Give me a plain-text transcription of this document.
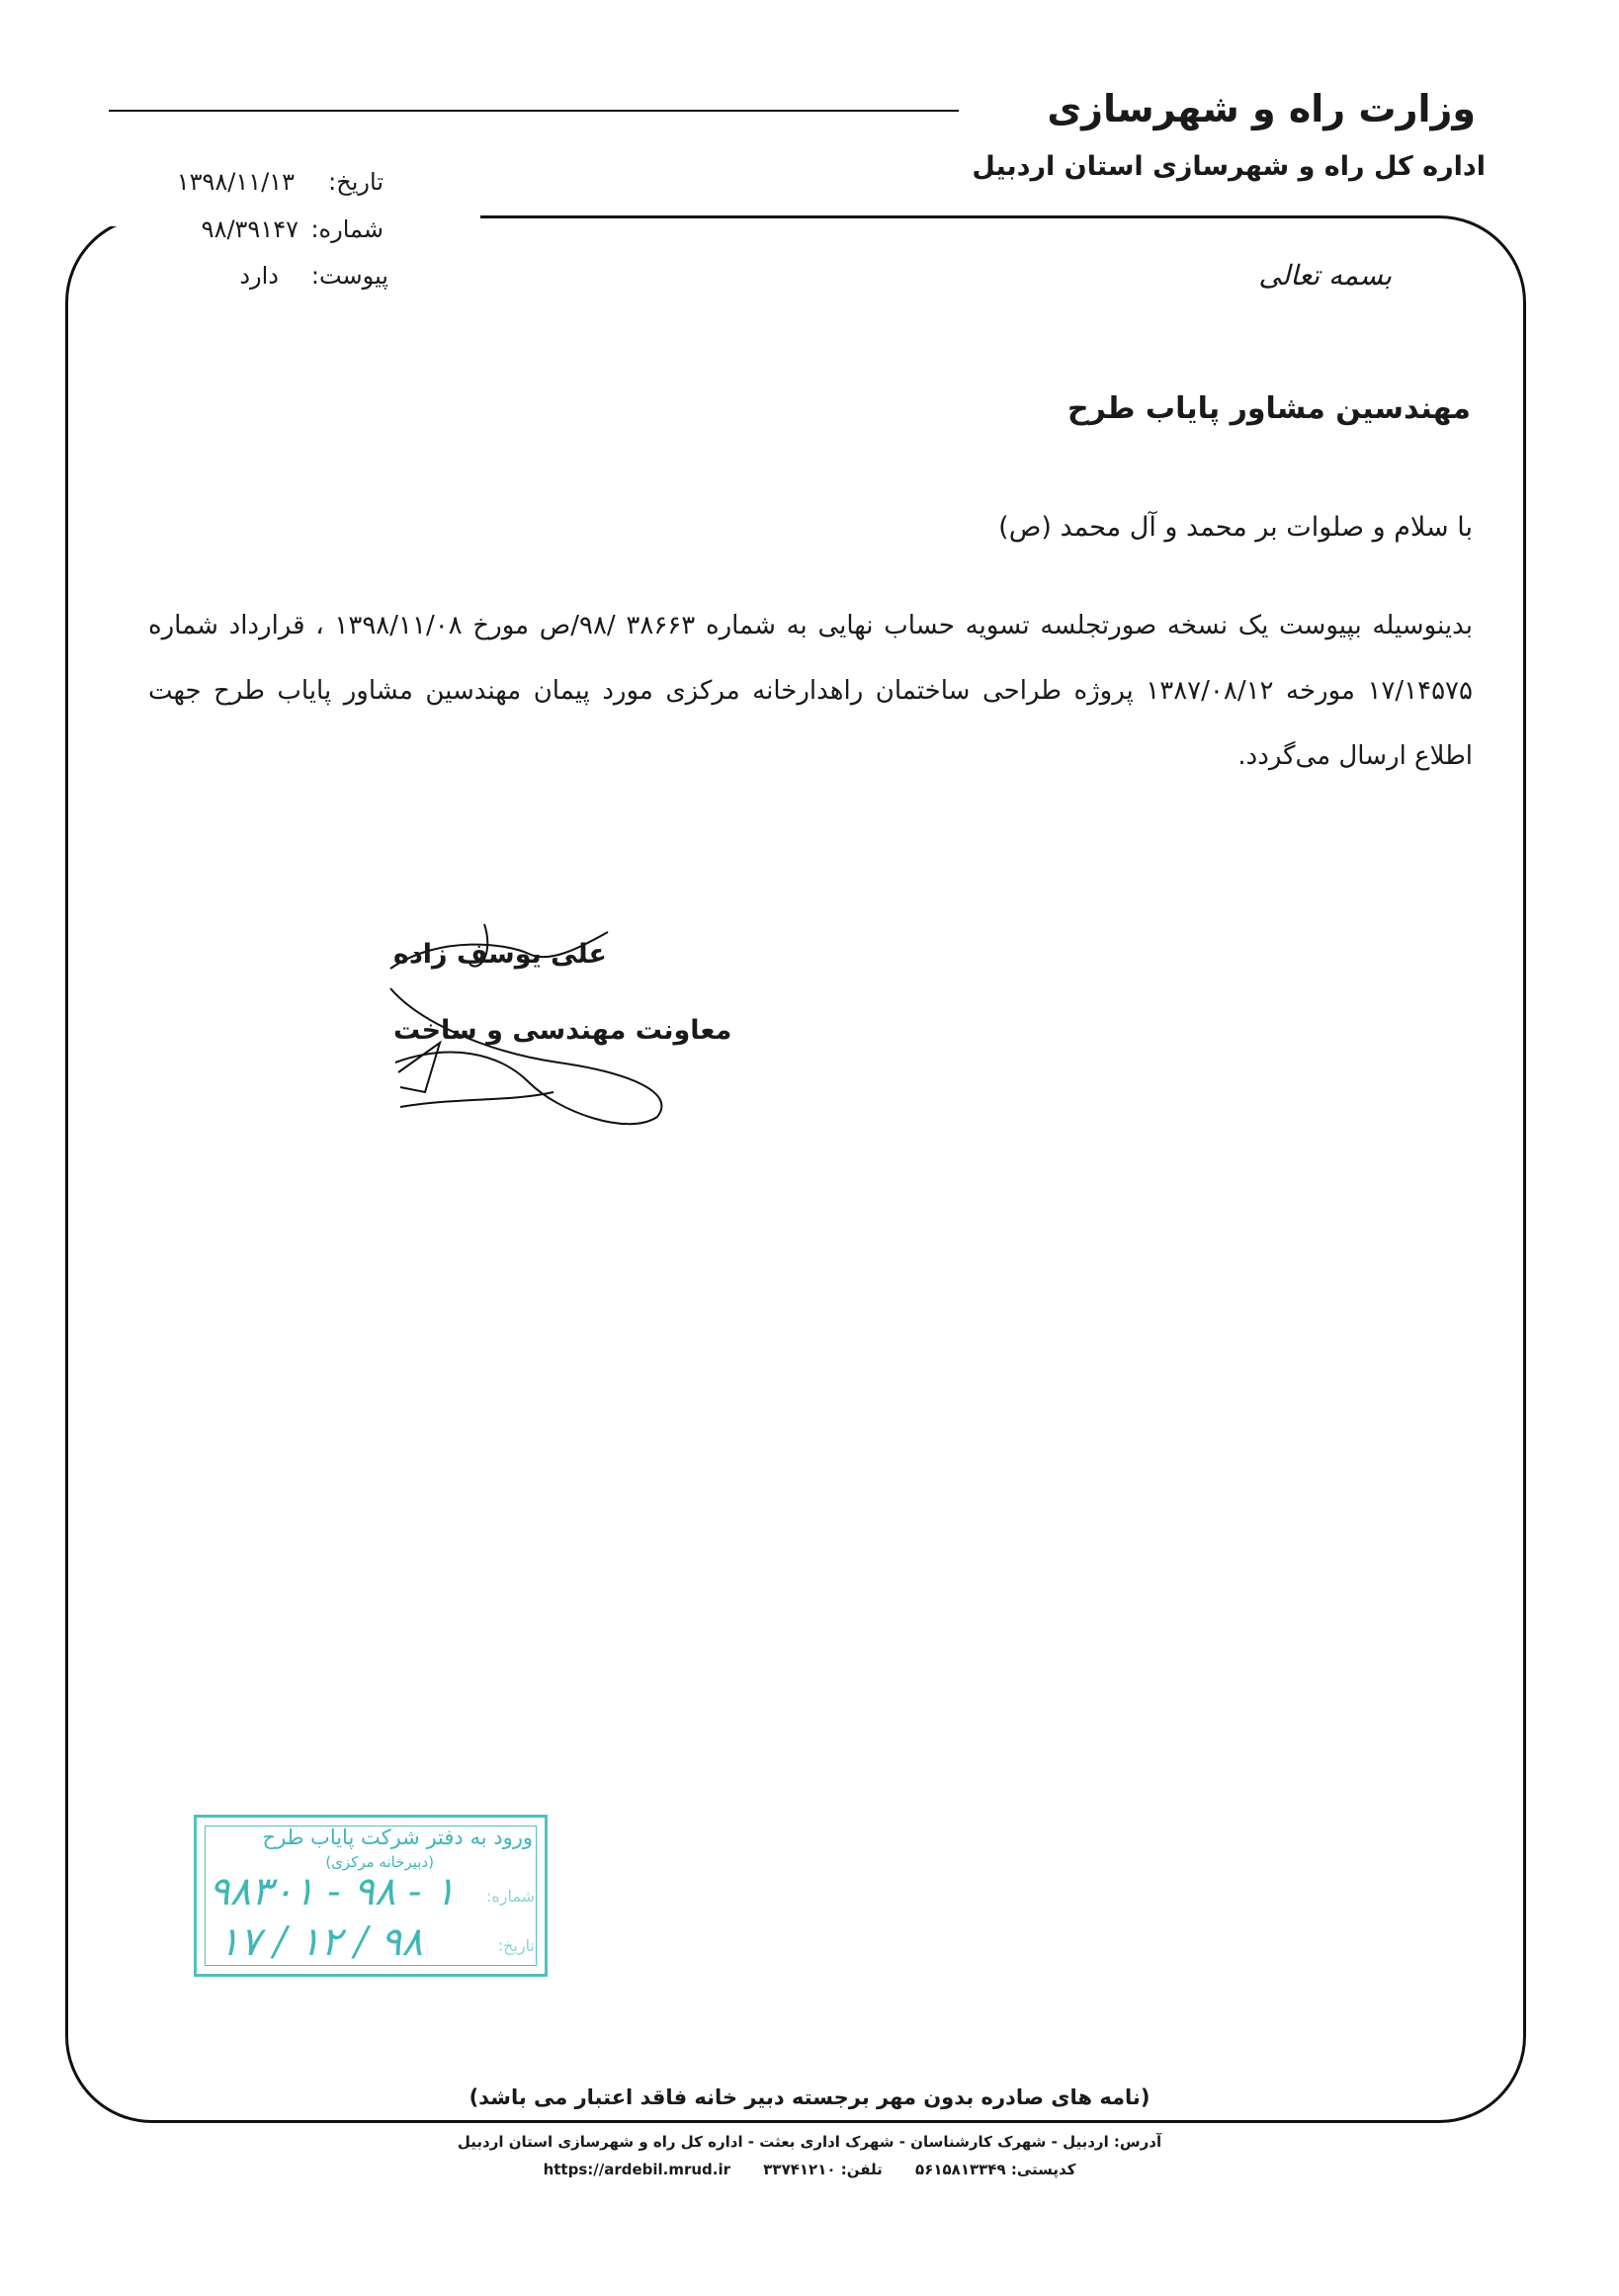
وزارت راه و شهرسازی
اداره کل راه و شهرسازی استان اردبیل
تاریخ:
۱۳۹۸/۱۱/۱۳
شماره:
۹۸/۳۹۱۴۷
پیوست:
دارد	بسمه تعالی
مهندسین مشاور پایاب طرح
با سلام و صلوات بر محمد و آل محمد (ص)
بدینوسیله بپیوست یک نسخه صورتجلسه تسویه حساب نهایی به شماره ۳۸۶۶۳ /۹۸/ص مورخ ۱۳۹۸/۱۱/۰۸ ، قرارداد شماره ۱۷/۱۴۵۷۵ مورخه ۱۳۸۷/۰۸/۱۲ پروژه طراحی ساختمان راهدارخانه مرکزی مورد پیمان مهندسین مشاور پایاب طرح جهت اطلاع ارسال می‌گردد.
علی یوسف زاده
معاونت مهندسی و ساخت
ورود به دفتر شرکت پایاب طرح
(دبیرخانه مرکزی)
شماره:
۹۸۳۰۱ - ۹۸ - ۱
تاریخ:
۱۷ / ۱۲ / ۹۸
(نامه های صادره بدون مهر برجسته دبیر خانه فاقد اعتبار می باشد)
آدرس: اردبیل - شهرک کارشناسان - شهرک اداری بعثت - اداره کل راه و شهرسازی استان اردبیل
کدپستی: ۵۶۱۵۸۱۳۳۴۹ تلفن: ۳۳۷۴۱۲۱۰ https://ardebil.mrud.ir
